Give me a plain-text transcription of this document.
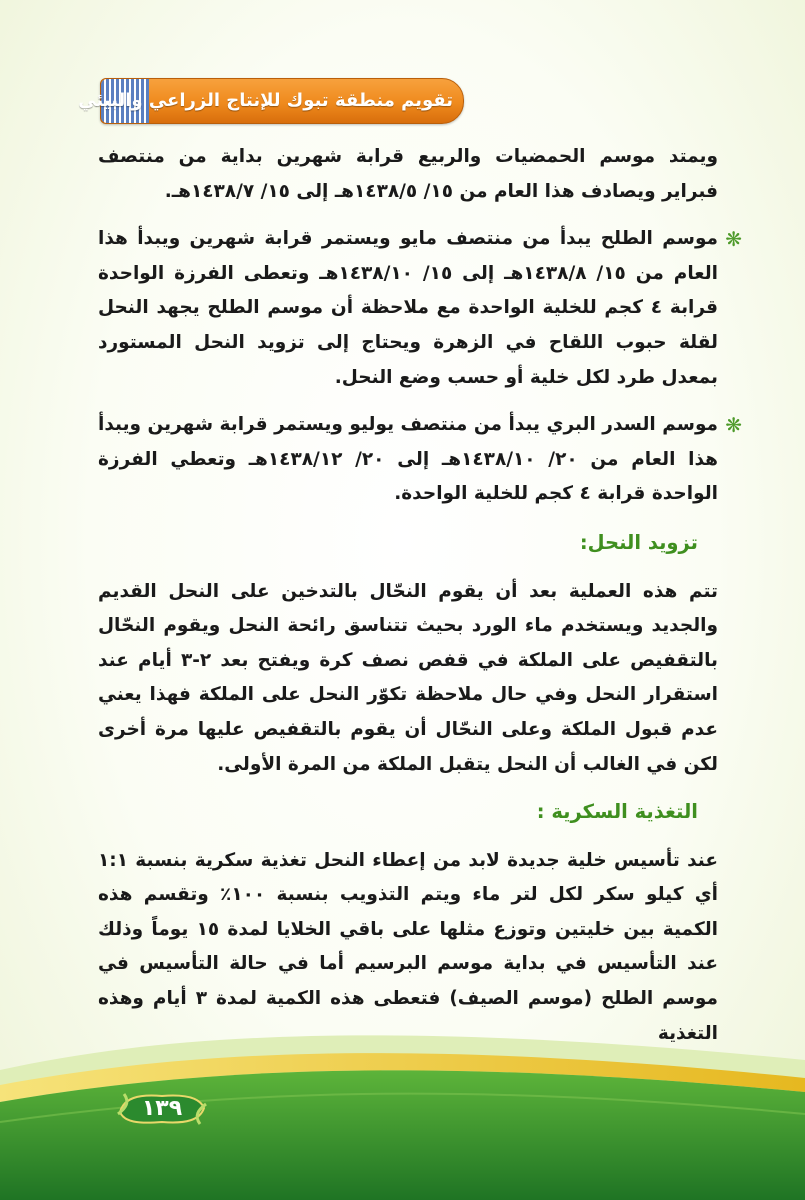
تقويم منطقة تبوك للإنتاج الزراعي والبيئي

ويمتد موسم الحمضيات والربيع قرابة شهرين بداية من منتصف فبراير ويصادف هذا العام من ١٥/ ١٤٣٨/٥هـ إلى ١٥/ ١٤٣٨/٧هـ.

❋

موسم الطلح يبدأ من منتصف مايو ويستمر قرابة شهرين ويبدأ هذا العام من ١٥/ ١٤٣٨/٨هـ إلى ١٥/ ١٤٣٨/١٠هـ وتعطى الفرزة الواحدة قرابة ٤ كجم للخلية الواحدة مع ملاحظة أن موسم الطلح يجهد النحل لقلة حبوب اللقاح في الزهرة ويحتاج إلى تزويد النحل المستورد بمعدل طرد لكل خلية أو حسب وضع النحل.

❋

موسم السدر البري يبدأ من منتصف يوليو ويستمر قرابة شهرين ويبدأ هذا العام من ٢٠/ ١٤٣٨/١٠هـ إلى ٢٠/ ١٤٣٨/١٢هـ وتعطي الفرزة الواحدة قرابة ٤ كجم للخلية الواحدة.

تزويد النحل:

تتم هذه العملية بعد أن يقوم النحّال بالتدخين على النحل القديم والجديد ويستخدم ماء الورد بحيث تتناسق رائحة النحل ويقوم النحّال بالتقفيص على الملكة في قفص نصف كرة ويفتح بعد ٢-٣ أيام عند استقرار النحل وفي حال ملاحظة تكوّر النحل على الملكة فهذا يعني عدم قبول الملكة وعلى النحّال أن يقوم بالتقفيص عليها مرة أخرى لكن في الغالب أن النحل يتقبل الملكة من المرة الأولى.

التغذية السكرية :

عند تأسيس خلية جديدة لابد من إعطاء النحل تغذية سكرية بنسبة ١:١ أي كيلو سكر لكل لتر ماء ويتم التذويب بنسبة ١٠٠٪ وتقسم هذه الكمية بين خليتين وتوزع مثلها على باقي الخلايا لمدة ١٥ يوماً وذلك عند التأسيس في بداية موسم البرسيم أما في حالة التأسيس في موسم الطلح (موسم الصيف) فتعطى هذه الكمية لمدة ٣ أيام وهذه التغذية

١٣٩
